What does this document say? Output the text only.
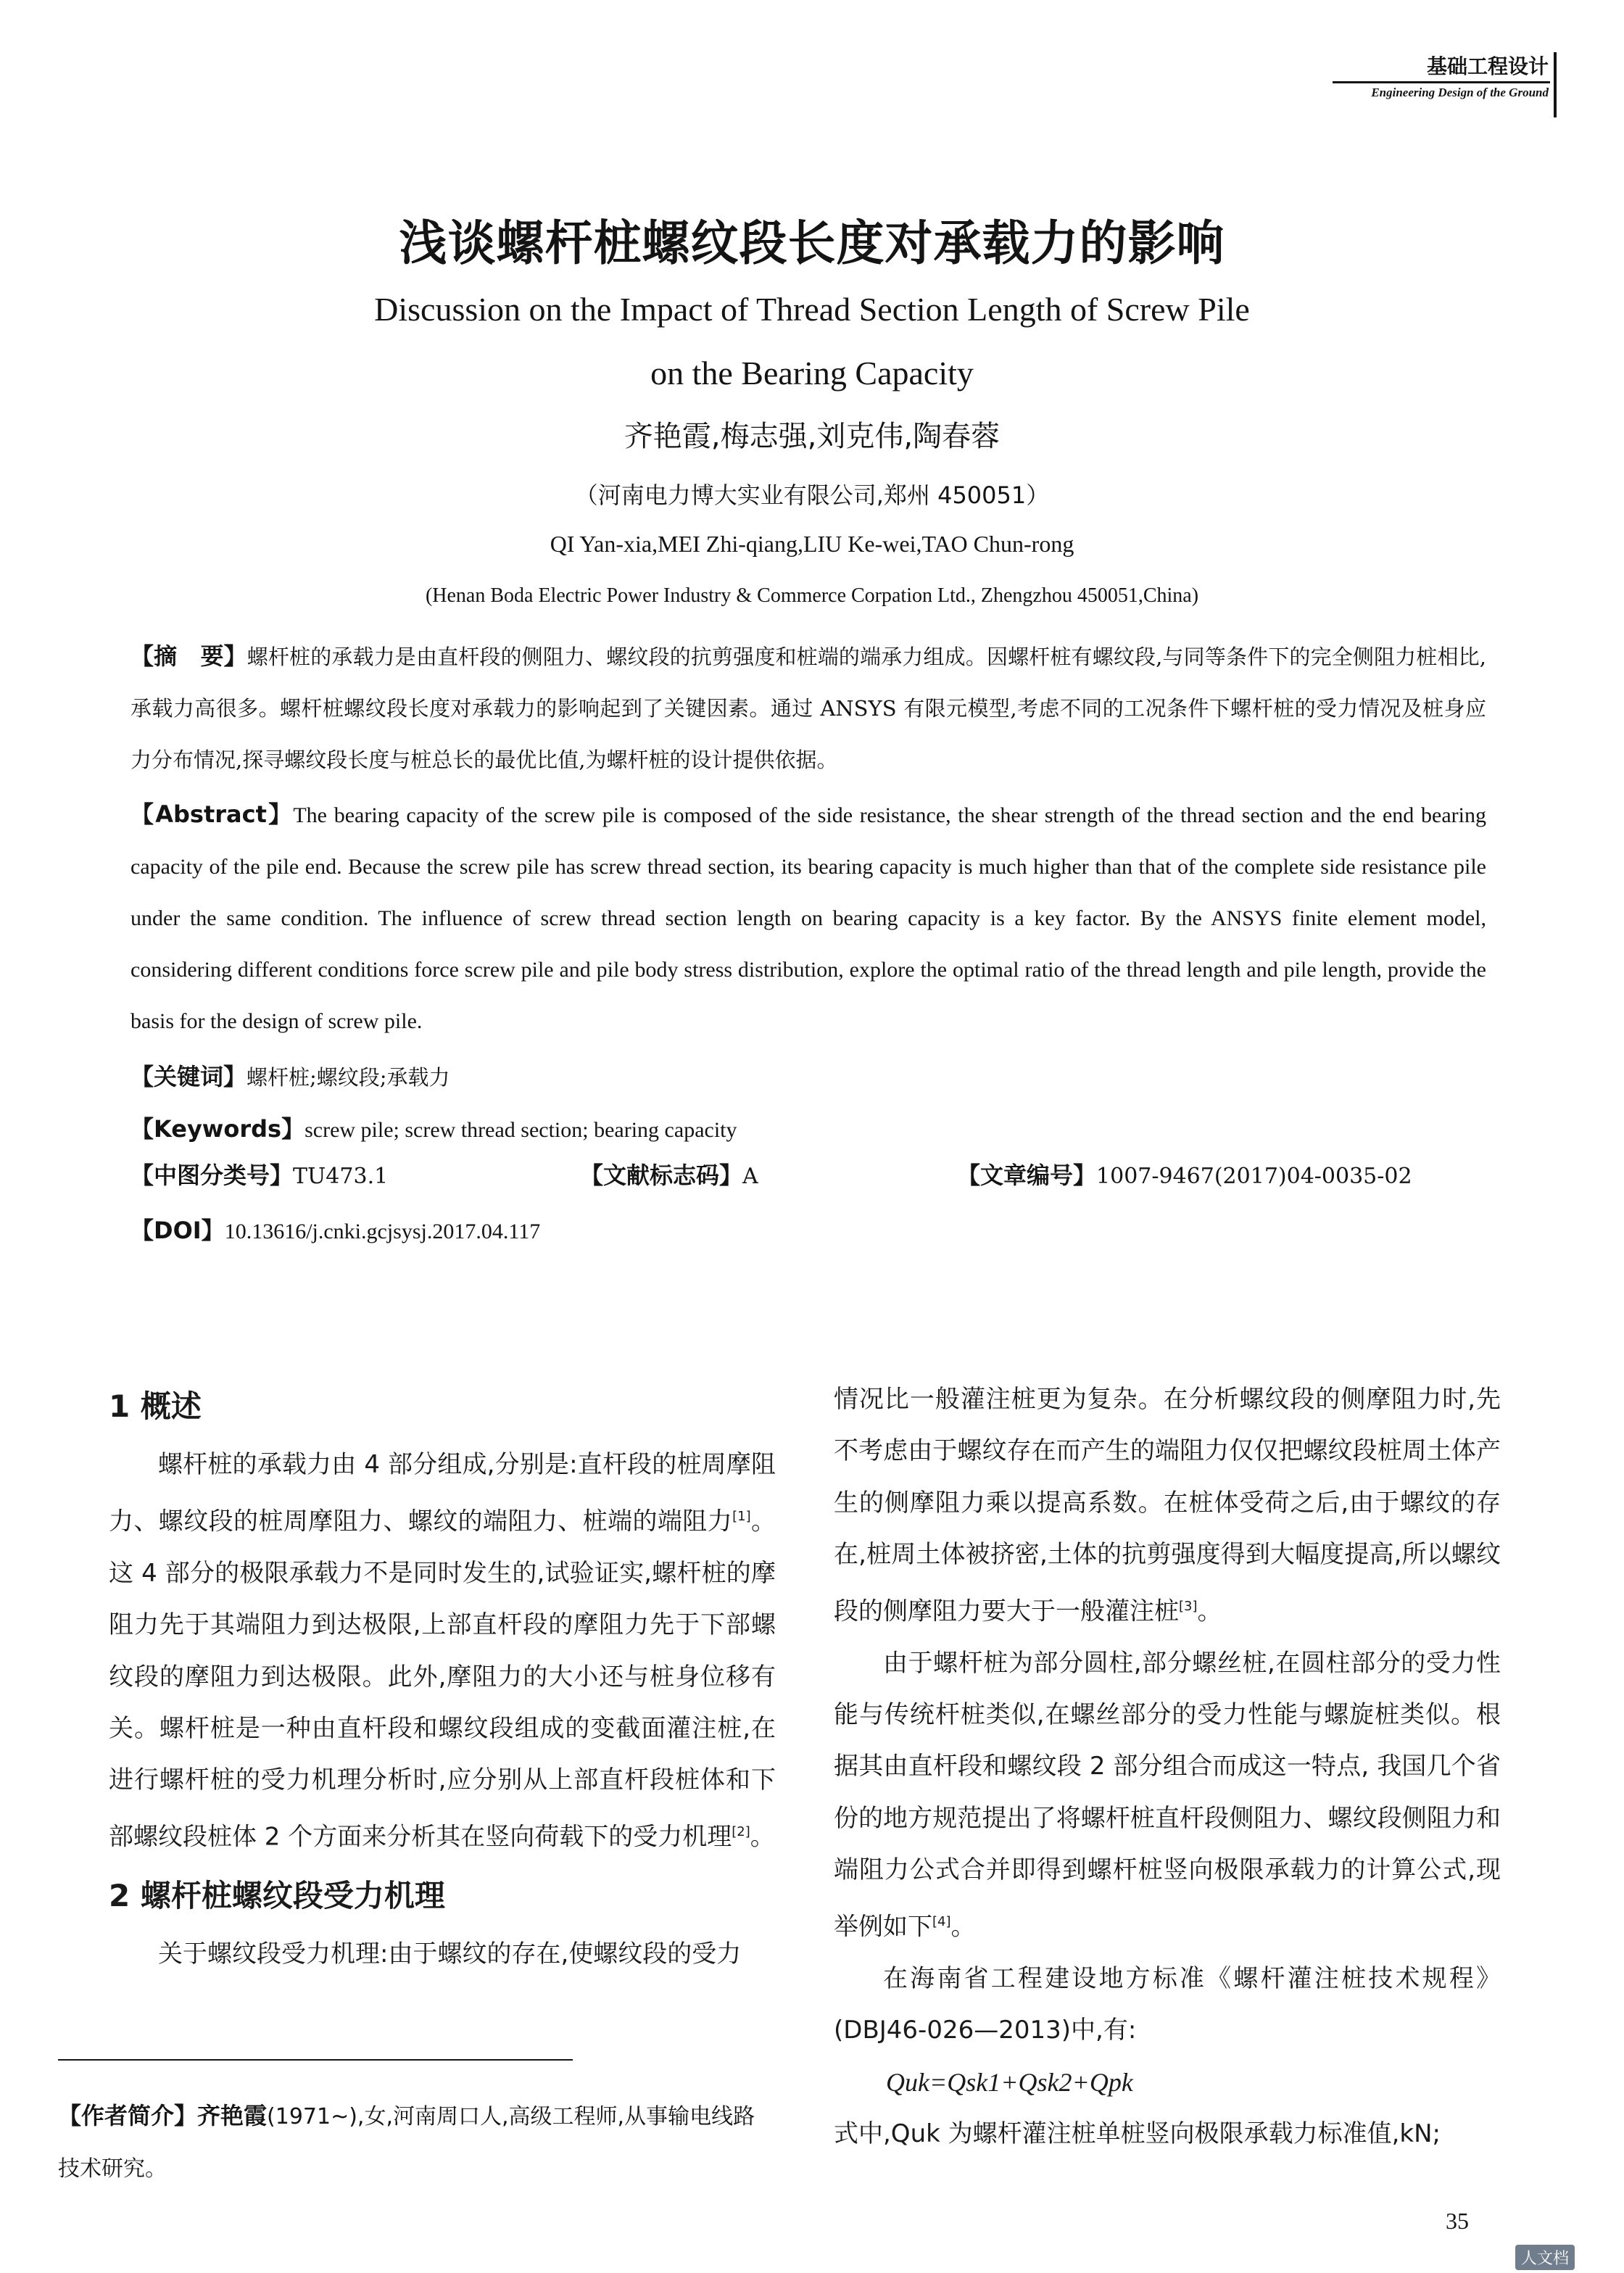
基础工程设计
Engineering Design of the Ground
浅谈螺杆桩螺纹段长度对承载力的影响
Discussion on the Impact of Thread Section Length of Screw Pile
on the Bearing Capacity
齐艳霞,梅志强,刘克伟,陶春蓉
（河南电力博大实业有限公司,郑州 450051）
QI Yan-xia,MEI Zhi-qiang,LIU Ke-wei,TAO Chun-rong
(Henan Boda Electric Power Industry & Commerce Corpation Ltd., Zhengzhou 450051,China)
【摘　要】螺杆桩的承载力是由直杆段的侧阻力、螺纹段的抗剪强度和桩端的端承力组成。因螺杆桩有螺纹段,与同等条件下的完全侧阻力桩相比,承载力高很多。螺杆桩螺纹段长度对承载力的影响起到了关键因素。通过 ANSYS 有限元模型,考虑不同的工况条件下螺杆桩的受力情况及桩身应力分布情况,探寻螺纹段长度与桩总长的最优比值,为螺杆桩的设计提供依据。
【Abstract】The bearing capacity of the screw pile is composed of the side resistance, the shear strength of the thread section and the end bearing capacity of the pile end. Because the screw pile has screw thread section, its bearing capacity is much higher than that of the complete side resistance pile under the same condition. The influence of screw thread section length on bearing capacity is a key factor. By the ANSYS finite element model, considering different conditions force screw pile and pile body stress distribution, explore the optimal ratio of the thread length and pile length, provide the basis for the design of screw pile.
【关键词】螺杆桩;螺纹段;承载力
【Keywords】screw pile; screw thread section; bearing capacity
【中图分类号】TU473.1	【文献标志码】A	【文章编号】1007-9467(2017)04-0035-02
【DOI】10.13616/j.cnki.gcjsysj.2017.04.117
1 概述

螺杆桩的承载力由 4 部分组成,分别是:直杆段的桩周摩阻力、螺纹段的桩周摩阻力、螺纹的端阻力、桩端的端阻力[1]。这 4 部分的极限承载力不是同时发生的,试验证实,螺杆桩的摩阻力先于其端阻力到达极限,上部直杆段的摩阻力先于下部螺纹段的摩阻力到达极限。此外,摩阻力的大小还与桩身位移有关。螺杆桩是一种由直杆段和螺纹段组成的变截面灌注桩,在进行螺杆桩的受力机理分析时,应分别从上部直杆段桩体和下部螺纹段桩体 2 个方面来分析其在竖向荷载下的受力机理[2]。

2 螺杆桩螺纹段受力机理

关于螺纹段受力机理:由于螺纹的存在,使螺纹段的受力

情况比一般灌注桩更为复杂。在分析螺纹段的侧摩阻力时,先不考虑由于螺纹存在而产生的端阻力仅仅把螺纹段桩周土体产生的侧摩阻力乘以提高系数。在桩体受荷之后,由于螺纹的存在,桩周土体被挤密,土体的抗剪强度得到大幅度提高,所以螺纹段的侧摩阻力要大于一般灌注桩[3]。

由于螺杆桩为部分圆柱,部分螺丝桩,在圆柱部分的受力性能与传统杆桩类似,在螺丝部分的受力性能与螺旋桩类似。根据其由直杆段和螺纹段 2 部分组合而成这一特点, 我国几个省份的地方规范提出了将螺杆桩直杆段侧阻力、螺纹段侧阻力和端阻力公式合并即得到螺杆桩竖向极限承载力的计算公式,现举例如下[4]。

在海南省工程建设地方标准《螺杆灌注桩技术规程》(DBJ46-026—2013)中,有:

Quk=Qsk1+Qsk2+Qpk

式中,Quk 为螺杆灌注桩单桩竖向极限承载力标准值,kN;

【作者简介】齐艳霞(1971~),女,河南周口人,高级工程师,从事输电线路技术研究。
35
人文档
